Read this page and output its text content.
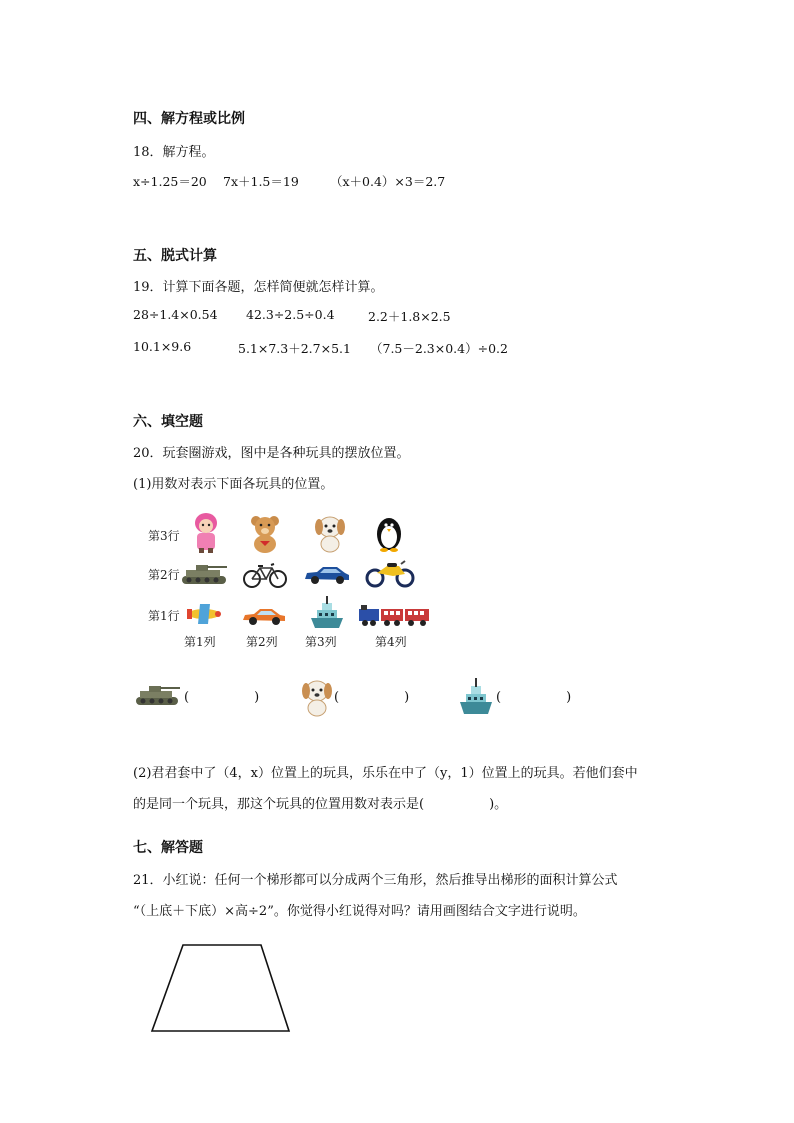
四、解方程或比例
18．解方程。
x÷1.25＝20 7x＋1.5＝19 （x＋0.4）×3＝2.7
五、脱式计算
19．计算下面各题，怎样简便就怎样计算。
28÷1.4×0.54 42.3÷2.5÷0.4	2.2＋1.8×2.5
10.1×9.6	5.1×7.3＋2.7×5.1 （7.5－2.3×0.4）÷0.2
六、填空题
20．玩套圈游戏，图中是各种玩具的摆放位置。
(1)用数对表示下面各玩具的位置。
第3行
第2行
第1行
第1列	第2列 第3列	第4列
(　　　　　)	(　　　　　)	(　　　　　)
(2)君君套中了（4，x）位置上的玩具，乐乐在中了（y，1）位置上的玩具。若他们套中
的是同一个玩具，那这个玩具的位置用数对表示是(　　　　　)。
七、解答题
21．小红说：任何一个梯形都可以分成两个三角形，然后推导出梯形的面积计算公式
“（上底＋下底）×高÷2”。你觉得小红说得对吗？请用画图结合文字进行说明。
